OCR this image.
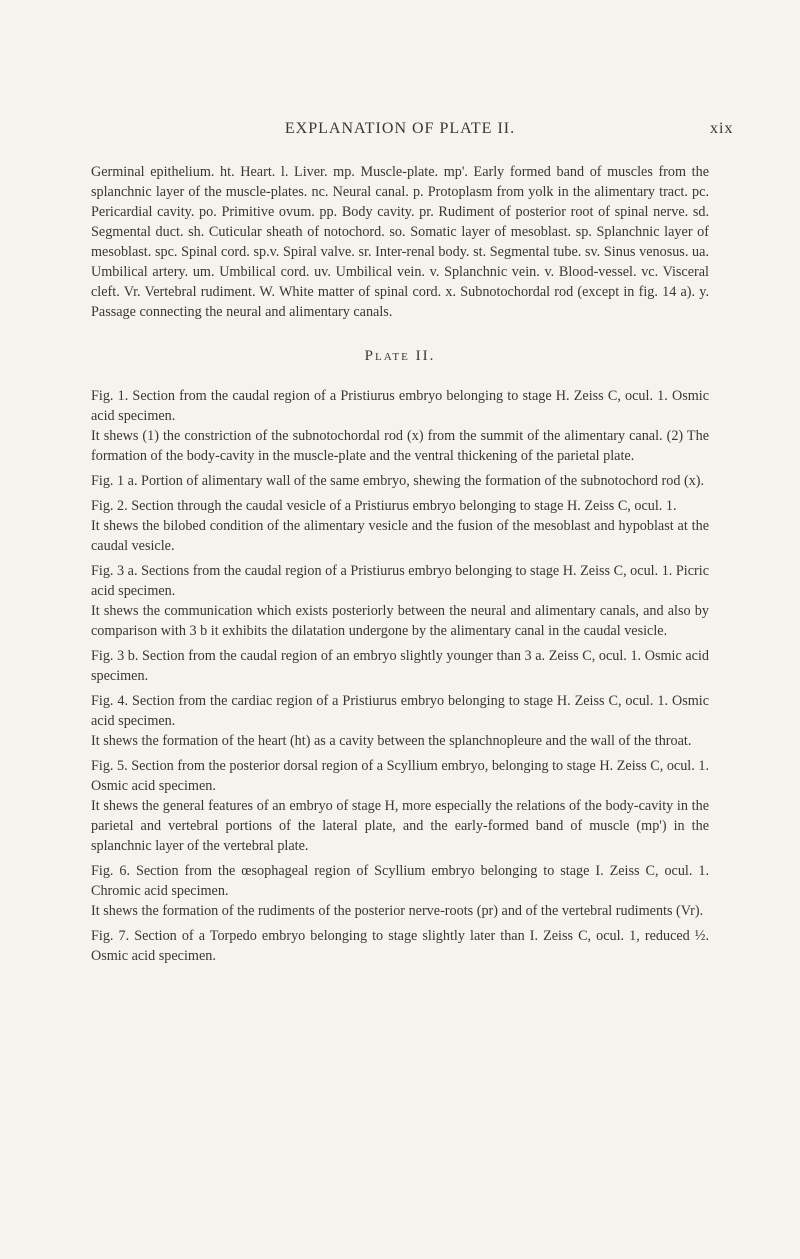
EXPLANATION OF PLATE II.	xix

Germinal epithelium. ht. Heart. l. Liver. mp. Muscle-plate. mp'. Early formed band of muscles from the splanchnic layer of the muscle-plates. nc. Neural canal. p. Protoplasm from yolk in the alimentary tract. pc. Pericardial cavity. po. Primitive ovum. pp. Body cavity. pr. Rudiment of posterior root of spinal nerve. sd. Segmental duct. sh. Cuticular sheath of notochord. so. Somatic layer of mesoblast. sp. Splanchnic layer of mesoblast. spc. Spinal cord. sp.v. Spiral valve. sr. Inter-renal body. st. Segmental tube. sv. Sinus venosus. ua. Umbilical artery. um. Umbilical cord. uv. Umbilical vein. v. Splanchnic vein. v. Blood-vessel. vc. Visceral cleft. Vr. Vertebral rudiment. W. White matter of spinal cord. x. Subnotochordal rod (except in fig. 14 a). y. Passage connecting the neural and alimentary canals.

Plate II.

Fig. 1. Section from the caudal region of a Pristiurus embryo belonging to stage H. Zeiss C, ocul. 1. Osmic acid specimen.

It shews (1) the constriction of the subnotochordal rod (x) from the summit of the alimentary canal. (2) The formation of the body-cavity in the muscle-plate and the ventral thickening of the parietal plate.

Fig. 1 a. Portion of alimentary wall of the same embryo, shewing the formation of the subnotochord rod (x).

Fig. 2. Section through the caudal vesicle of a Pristiurus embryo belonging to stage H. Zeiss C, ocul. 1.

It shews the bilobed condition of the alimentary vesicle and the fusion of the mesoblast and hypoblast at the caudal vesicle.

Fig. 3 a. Sections from the caudal region of a Pristiurus embryo belonging to stage H. Zeiss C, ocul. 1. Picric acid specimen.

It shews the communication which exists posteriorly between the neural and alimentary canals, and also by comparison with 3 b it exhibits the dilatation undergone by the alimentary canal in the caudal vesicle.

Fig. 3 b. Section from the caudal region of an embryo slightly younger than 3 a. Zeiss C, ocul. 1. Osmic acid specimen.

Fig. 4. Section from the cardiac region of a Pristiurus embryo belonging to stage H. Zeiss C, ocul. 1. Osmic acid specimen.

It shews the formation of the heart (ht) as a cavity between the splanchnopleure and the wall of the throat.

Fig. 5. Section from the posterior dorsal region of a Scyllium embryo, belonging to stage H. Zeiss C, ocul. 1. Osmic acid specimen.

It shews the general features of an embryo of stage H, more especially the relations of the body-cavity in the parietal and vertebral portions of the lateral plate, and the early-formed band of muscle (mp') in the splanchnic layer of the vertebral plate.

Fig. 6. Section from the œsophageal region of Scyllium embryo belonging to stage I. Zeiss C, ocul. 1. Chromic acid specimen.

It shews the formation of the rudiments of the posterior nerve-roots (pr) and of the vertebral rudiments (Vr).

Fig. 7. Section of a Torpedo embryo belonging to stage slightly later than I. Zeiss C, ocul. 1, reduced ½. Osmic acid specimen.
